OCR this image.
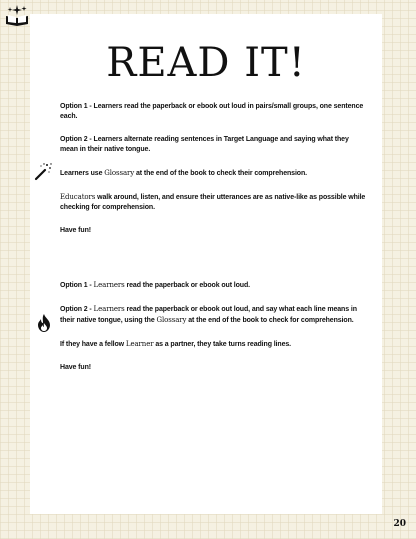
READ IT!

Option 1 - Learners read the paperback or ebook out loud in pairs/small groups, one sentence each.

Option 2 - Learners alternate reading sentences in Target Language and saying what they mean in their native tongue.

Learners use Glossary at the end of the book to check their comprehension.

Educators walk around, listen, and ensure their utterances are as native-like as possible while checking for comprehension.

Have fun!

Option 1 - Learners read the paperback or ebook out loud.

Option 2 - Learners read the paperback or ebook out loud, and say what each line means in their native tongue, using the Glossary at the end of the book to check for comprehension.

If they have a fellow Learner as a partner, they take turns reading lines.

Have fun!

20
